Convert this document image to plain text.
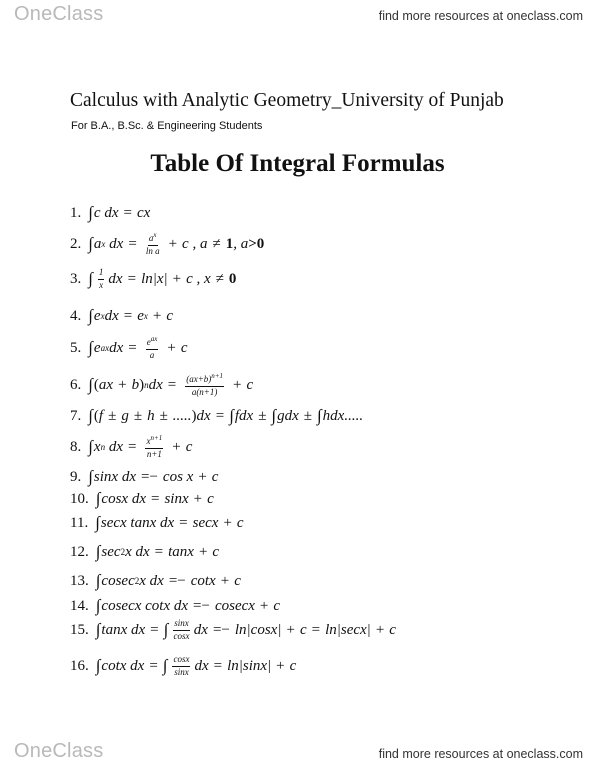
One Class	find more resources at oneclass.com
Calculus with Analytic Geometry_University of Punjab
For B.A., B.Sc. & Engineering Students
Table Of Integral Formulas
1. ∫ c dx = cx
2. ∫ a x dx = $\frac{a^x}{\text{ln a}} + c$ , a ≠ 1 , a >0
3. ∫ $\frac{1}{x}$ dx = ln|x| + c , x ≠ 0
4. ∫ e x dx = e x + c
5. ∫ e ax dx = $\frac{e^{ax}}{a} + c$
6. ∫ ( ax + b ) n dx = $\frac{(ax+b)^{n+1}}{a(n+1)} + c$
7. ∫ ( f ± g ± h ± ..... ) dx = ∫ fdx ± ∫ gdx ± ∫ hdx.....
8. ∫ x n dx = $\frac{x^{n+1}}{n+1} + c$
9. ∫ sinx dx =− cos x + c
10. ∫ cosx dx = sinx + c
11. ∫ secx tanx dx = secx + c
12. ∫ sec 2 x dx = tanx + c
13. ∫ cosec 2 x dx =− cotx + c
14. ∫ cosecx cotx dx =− cosecx + c
15. ∫ tanx dx = ∫ $\frac{\sin x}{\cos x}$ dx =− ln|cosx| + c = ln|secx| + c
16. ∫ cotx dx = ∫ $\frac{\cos x}{\sin x}$ dx = ln|sinx| + c
One Class	find more resources at oneclass.com
